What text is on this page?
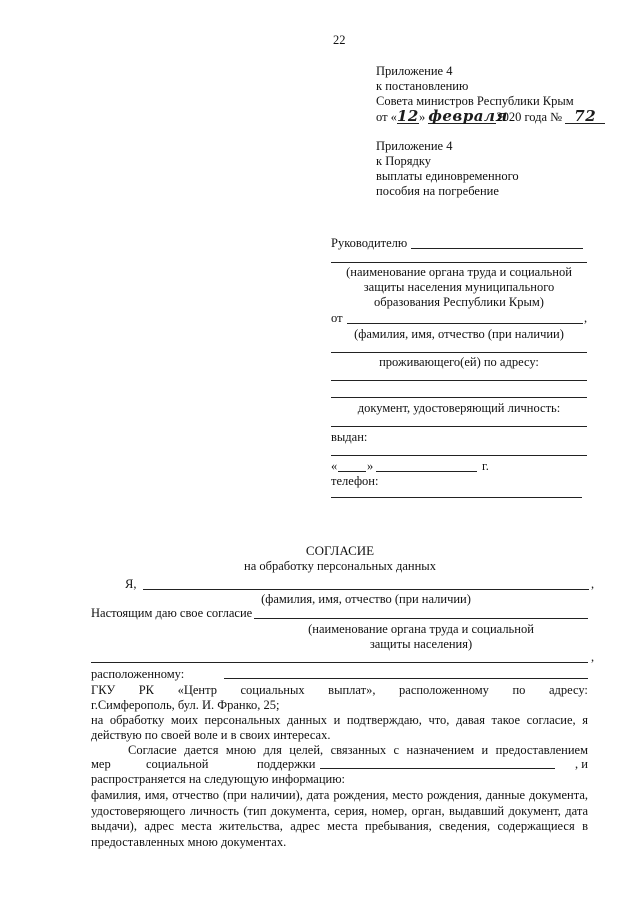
22
Приложение 4
к постановлению
Совета министров Республики Крым
от «12» февраля2020 года № 72
Приложение 4
к Порядку
выплаты единовременного
пособия на погребение
Руководителю
(наименование органа труда и социальной
защиты населения муниципального
образования Республики Крым)
от	,
(фамилия, имя, отчество (при наличии)
проживающего(ей) по адресу:
документ, удостоверяющий личность:
выдан:
« »	г.
телефон:
СОГЛАСИЕ
на обработку персональных данных
Я,	,
(фамилия, имя, отчество (при наличии)
Настоящим даю свое согласие
(наименование органа труда и социальной
защиты населения)
,
расположенному:
ГКУ РК «Центр социальных выплат», расположенному по адресу:
г.Симферополь, бул. И. Франко, 25;
на обработку моих персональных данных и подтверждаю, что, давая такое согласие, я
действую по своей воле и в своих интересах.
Согласие дается мною для целей, связанных с назначением и предоставлением
мер	социальной	поддержки	, и
распространяется на следующую информацию:
фамилия, имя, отчество (при наличии), дата рождения, место рождения, данные документа, удостоверяющего личность (тип документа, серия, номер, орган, выдавший документ, дата выдачи), адрес места жительства, адрес места пребывания, сведения, содержащиеся в предоставленных мною документах.
